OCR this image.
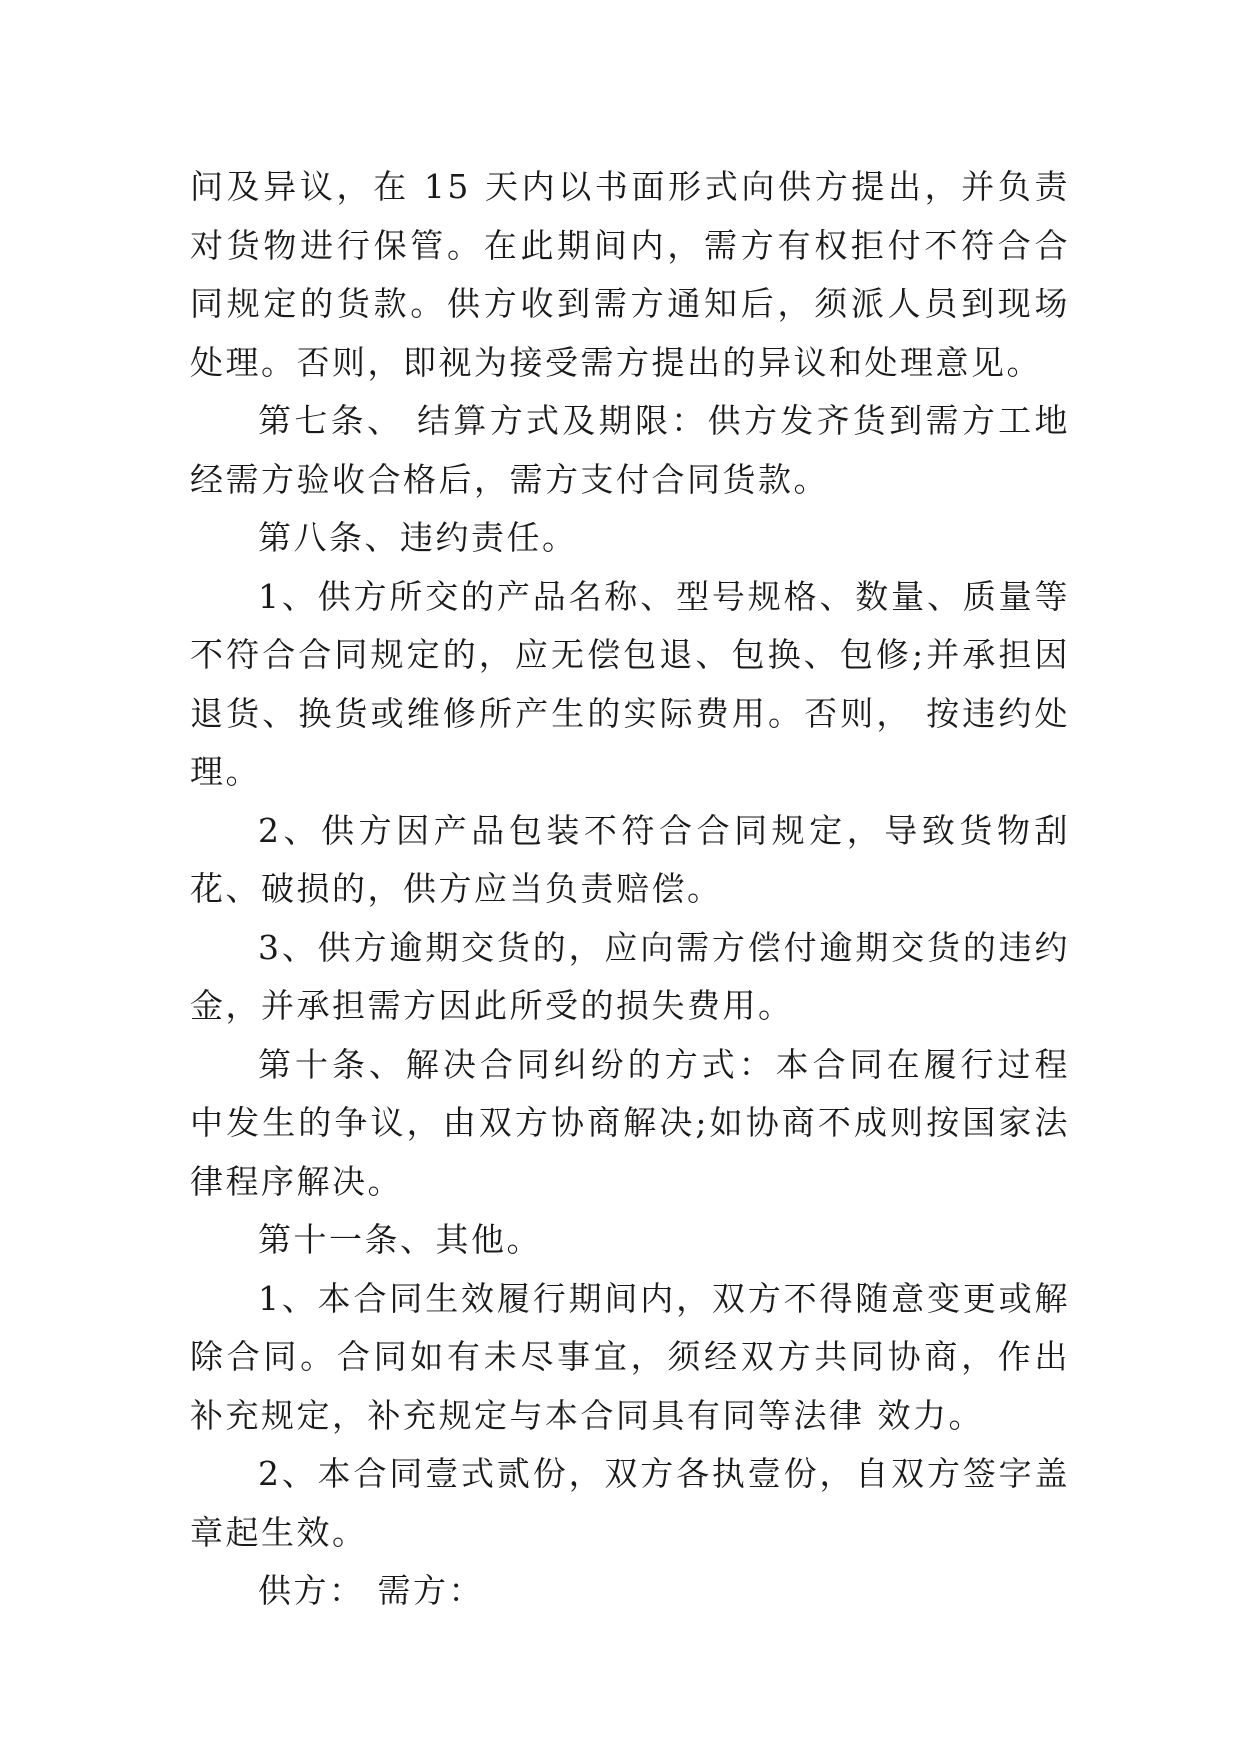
问及异议，在 15 天内以书面形式向供方提出，并负责对货物进行保管。在此期间内，需方有权拒付不符合合同规定的货款。供方收到需方通知后，须派人员到现场处理。否则，即视为接受需方提出的异议和处理意见。

第七条、 结算方式及期限：供方发齐货到需方工地经需方验收合格后，需方支付合同货款。

第八条、违约责任。

1、供方所交的产品名称、型号规格、数量、质量等不符合合同规定的，应无偿包退、包换、包修;并承担因退货、换货或维修所产生的实际费用。否则， 按违约处理。

2、供方因产品包装不符合合同规定，导致货物刮花、破损的，供方应当负责赔偿。

3、供方逾期交货的，应向需方偿付逾期交货的违约金，并承担需方因此所受的损失费用。

第十条、解决合同纠纷的方式：本合同在履行过程中发生的争议，由双方协商解决;如协商不成则按国家法律程序解决。

第十一条、其他。

1、本合同生效履行期间内，双方不得随意变更或解除合同。合同如有未尽事宜，须经双方共同协商，作出补充规定，补充规定与本合同具有同等法律 效力。

2、本合同壹式贰份，双方各执壹份，自双方签字盖章起生效。

供方： 需方：
